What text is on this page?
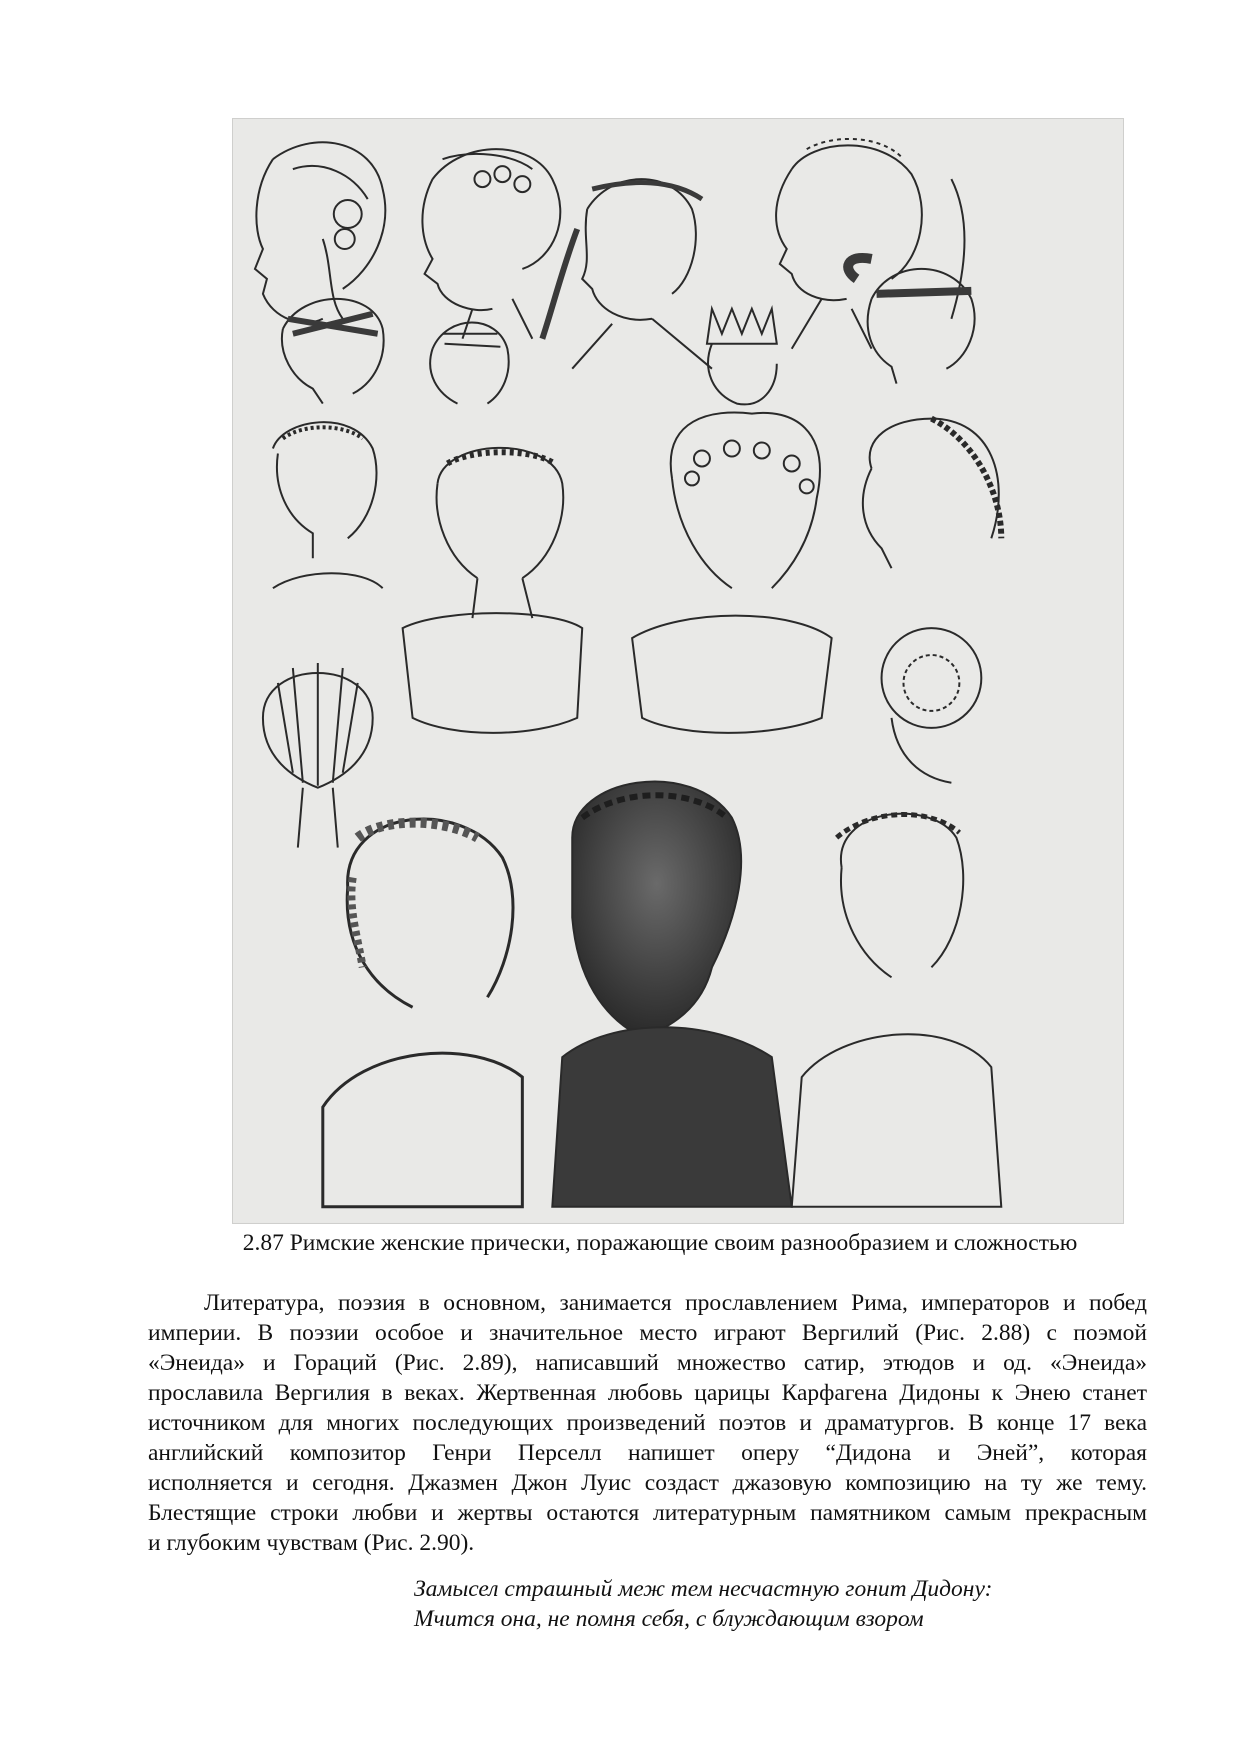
2.87 Римские женские прически, поражающие своим разнообразием и сложностью

Литература, поэзия в основном, занимается прославлением Рима, императоров и побед
империи. В поэзии особое и значительное место играют Вергилий (Рис. 2.88) с поэмой
«Энеида» и Гораций (Рис. 2.89), написавший множество сатир, этюдов и од. «Энеида»
прославила Вергилия в веках. Жертвенная любовь царицы Карфагена Дидоны к Энею станет
источником для многих последующих произведений поэтов и драматургов. В конце 17 века
английский композитор Генри Перселл напишет оперу “Дидона и Эней”, которая
исполняется и сегодня. Джазмен Джон Луис создаст джазовую композицию на ту же тему.
Блестящие строки любви и жертвы остаются литературным памятником самым прекрасным
и глубоким чувствам (Рис. 2.90).

Замысел страшный меж тем несчастную гонит Дидону:
Мчится она, не помня себя, с блуждающим взором
